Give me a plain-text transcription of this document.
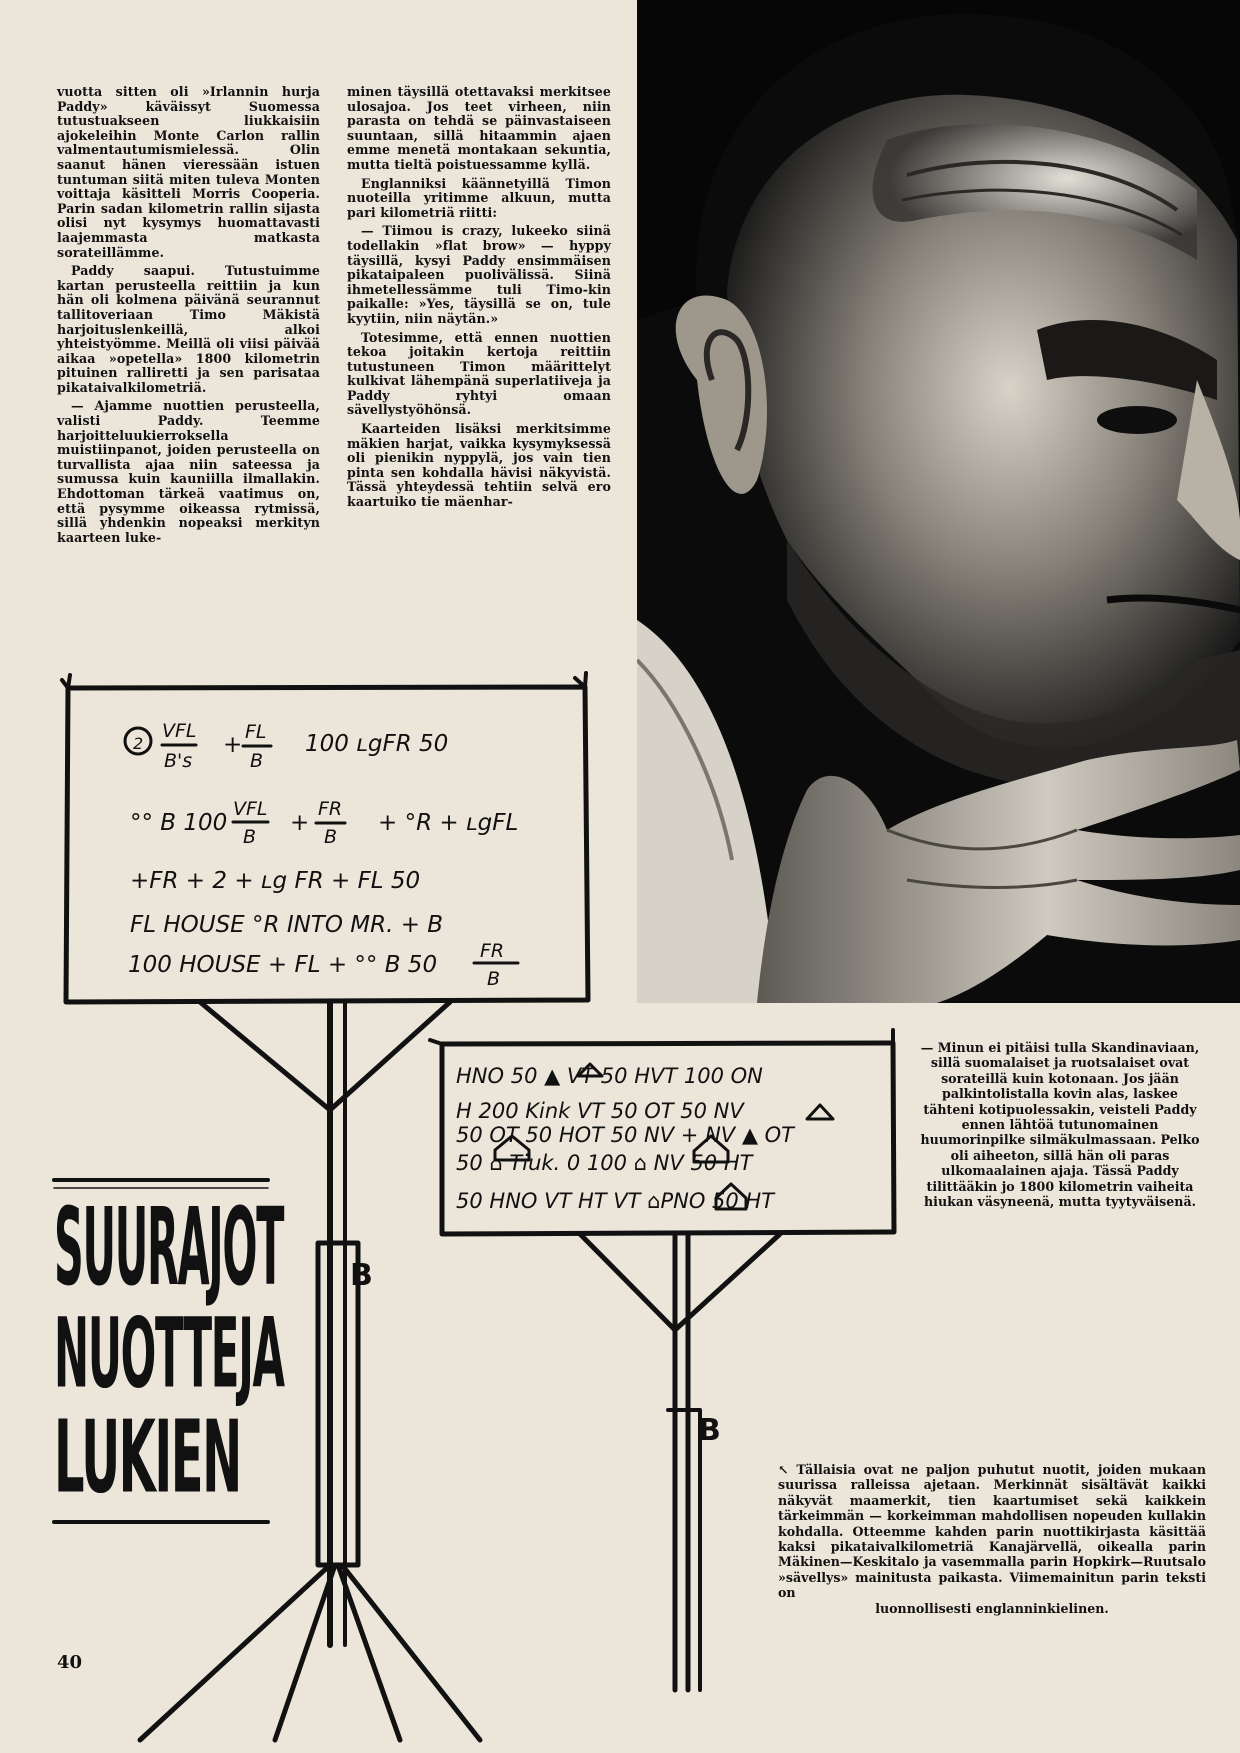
vuotta sitten oli »Irlannin hurja Paddy» käväissyt Suomessa tutustuakseen liukkaisiin ajokeleihin Monte Carlon rallin valmentautumismielessä. Olin saanut hänen vieressään istuen tuntuman siitä miten tuleva Monten voittaja käsitteli Morris Cooperia. Parin sadan kilometrin rallin sijasta olisi nyt kysymys huomattavasti laajemmasta matkasta sorateillämme.

Paddy saapui. Tutustuimme kartan perusteella reittiin ja kun hän oli kolmena päivänä seurannut tallitoveriaan Timo Mäkistä harjoituslenkeillä, alkoi yhteistyömme. Meillä oli viisi päivää aikaa »opetella» 1800 kilometrin pituinen ralliretti ja sen parisataa pikataivalkilometriä.

— Ajamme nuottien perusteella, valisti Paddy. Teemme harjoitteluukierroksella muistiinpanot, joiden perusteella on turvallista ajaa niin sateessa ja sumussa kuin kauniilla ilmallakin. Ehdottoman tärkeä vaatimus on, että pysymme oikeassa rytmissä, sillä yhdenkin nopeaksi merkityn kaarteen luke-

minen täysillä otettavaksi merkitsee ulosajoa. Jos teet virheen, niin parasta on tehdä se päinvastaiseen suuntaan, sillä hitaammin ajaen emme menetä montakaan sekuntia, mutta tieltä poistuessamme kyllä.

Englanniksi käännetyillä Timon nuoteilla yritimme alkuun, mutta pari kilometriä riitti:

— Tiimou is crazy, lukeeko siinä todellakin »flat brow» — hyppy täysillä, kysyi Paddy ensimmäisen pikataipaleen puolivälissä. Siinä ihmetellessämme tuli Timo-kin paikalle: »Yes, täysillä se on, tule kyytiin, niin näytän.»

Totesimme, että ennen nuottien tekoa joitakin kertoja reittiin tutustuneen Timon määrittelyt kulkivat lähempänä superlatiiveja ja Paddy ryhtyi omaan sävellystyöhönsä.

Kaarteiden lisäksi merkitsimme mäkien harjat, vaikka kysymyksessä oli pienikin nyppylä, jos vain tien pinta sen kohdalla hävisi näkyvistä. Tässä yhteydessä tehtiin selvä ero kaartuiko tie mäenhar-

2
VFL
B's
+ FL
B
100 ʟgFR 50
°° B 100
VFL
B
+
FR
B
+ °R + ʟgFL
+FR + 2 + ʟg FR + FL 50
FL HOUSE °R INTO MR. + B
100 HOUSE + FL + °° B 50
FR
B
B
HNO 50 ▲ VT 50 HVT 100 ON
H 200 Kink VT 50 OT 50 NV
50 OT 50 HOT 50 NV + NV ▲ OT
50 ⌂ Tiuk. 0 100 ⌂ NV 50 HT
50 HNO VT HT VT ⌂PNO 50 HT
B
SUURAJOT
NUOTTEJA
LUKIEN
— Minun ei pitäisi tulla Skandinaviaan, sillä suomalaiset ja ruotsalaiset ovat sorateillä kuin kotonaan. Jos jään palkintolistalla kovin alas, laskee tähteni kotipuolessakin, veisteli Paddy ennen lähtöä tutunomainen huumorinpilke silmäkulmassaan. Pelko oli aiheeton, sillä hän oli paras ulkomaalainen ajaja. Tässä Paddy tilittääkin jo 1800 kilometrin vaiheita hiukan väsyneenä, mutta tyytyväisenä.
↖ Tällaisia ovat ne paljon puhutut nuotit, joiden mukaan suurissa ralleissa ajetaan. Merkinnät sisältävät kaikki näkyvät maamerkit, tien kaartumiset sekä kaikkein tärkeimmän — korkeimman mahdollisen nopeuden kullakin kohdalla. Otteemme kahden parin nuottikirjasta käsittää kaksi pikataivalkilometriä Kanajärvellä, oikealla parin Mäkinen—Keskitalo ja vasemmalla parin Hopkirk—Ruutsalo »sävellys» mainitusta paikasta. Viimemainitun parin teksti on
luonnollisesti englanninkielinen.
40
